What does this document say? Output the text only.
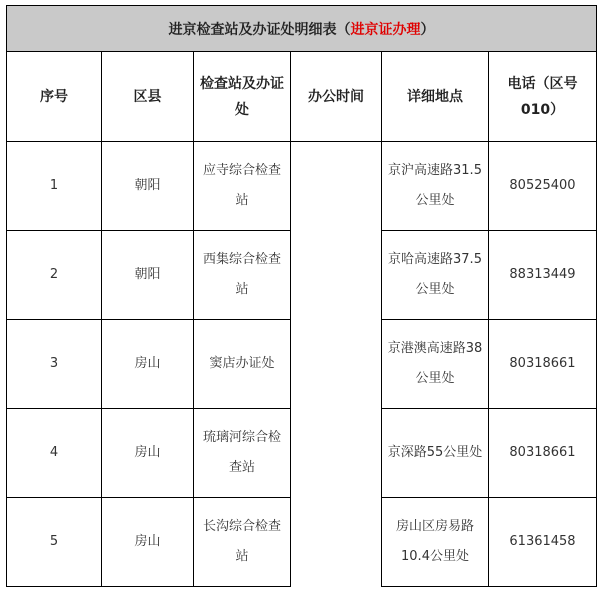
进京检查站及办证处明细表（进京证办理）					
序号	区县	检查站及办证处	办公时间	详细地点	电话（区号010）

1	朝阳	应寺综合检查站		京沪高速路31.5公里处	80525400
2	朝阳	西集综合检查站		京哈高速路37.5公里处	88313449
3	房山	窦店办证处		京港澳高速路38公里处	80318661
4	房山	琉璃河综合检查站		京深路55公里处	80318661
5	房山	长沟综合检查站		房山区房易路10.4公里处	61361458
